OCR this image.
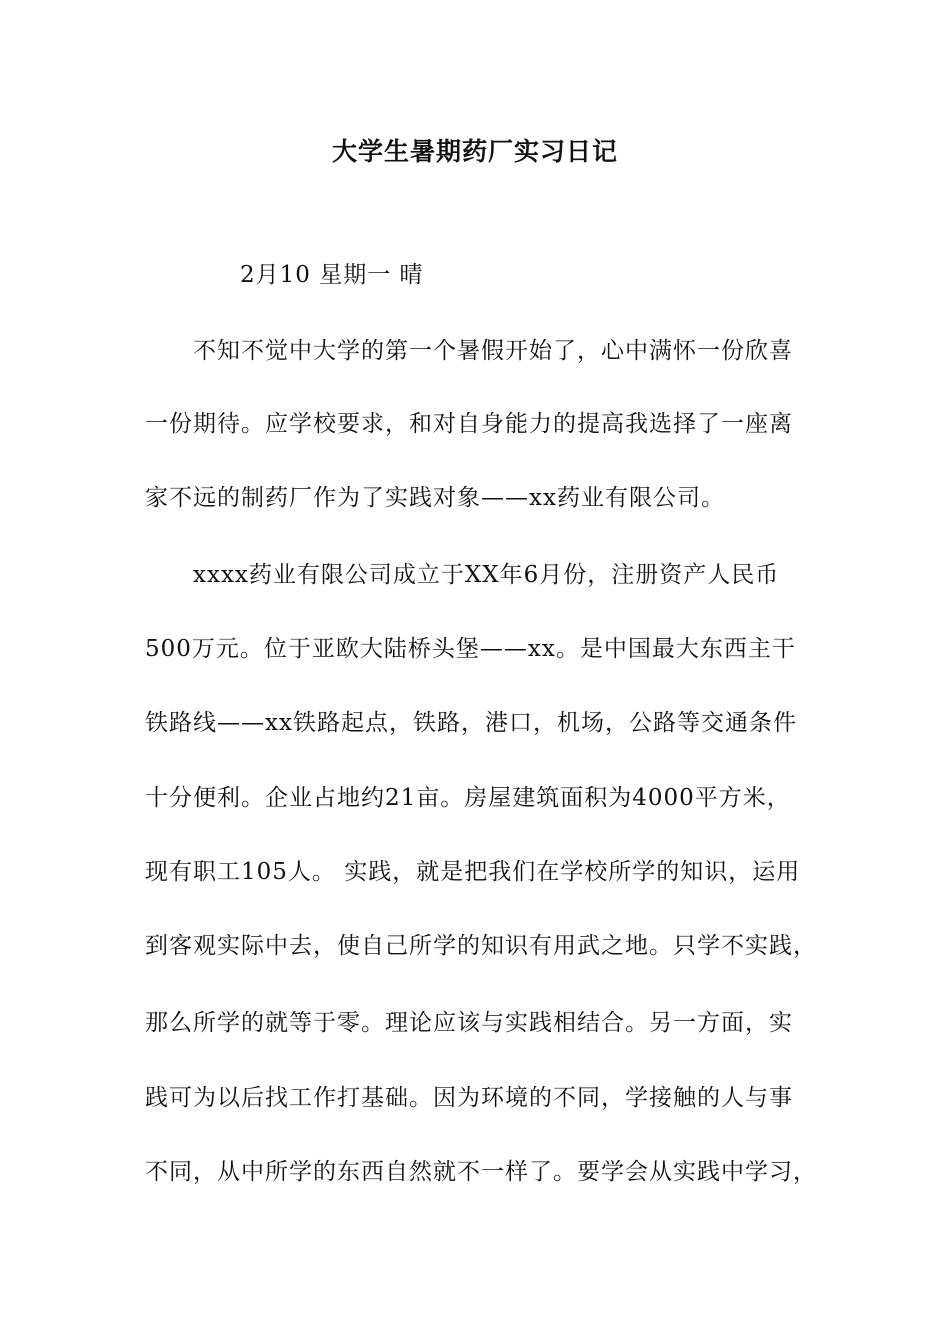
大学生暑期药厂实习日记
2月10 星期一 晴
不知不觉中大学的第一个暑假开始了，心中满怀一份欣喜
一份期待。应学校要求，和对自身能力的提高我选择了一座离
家不远的制药厂作为了实践对象——xx药业有限公司。
xxxx药业有限公司成立于XX年6月份，注册资产人民币
500万元。位于亚欧大陆桥头堡——xx。是中国最大东西主干
铁路线——xx铁路起点，铁路，港口，机场，公路等交通条件
十分便利。企业占地约21亩。房屋建筑面积为4000平方米，
现有职工105人。 实践，就是把我们在学校所学的知识，运用
到客观实际中去，使自己所学的知识有用武之地。只学不实践，
那么所学的就等于零。理论应该与实践相结合。另一方面，实
践可为以后找工作打基础。因为环境的不同，学接触的人与事
不同，从中所学的东西自然就不一样了。要学会从实践中学习，
